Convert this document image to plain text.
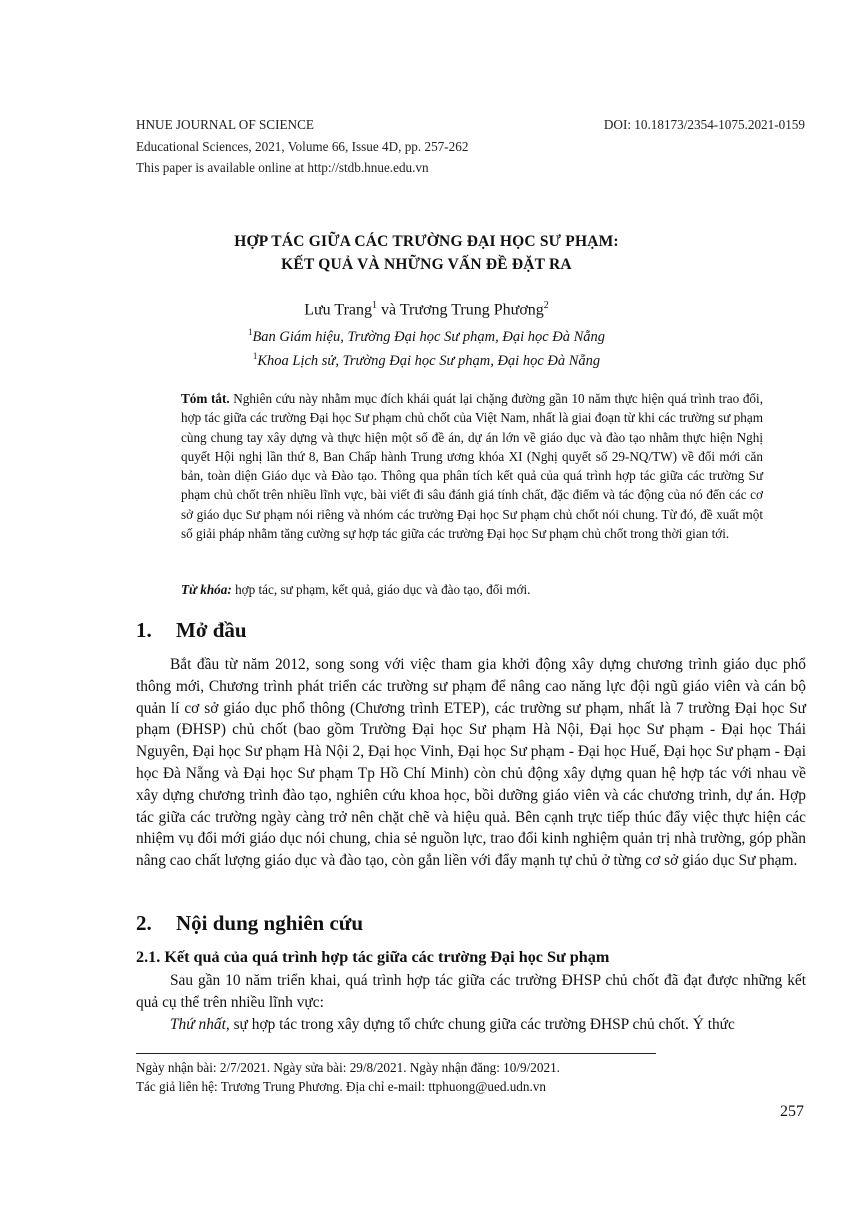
HNUE JOURNAL OF SCIENCE	DOI: 10.18173/2354-1075.2021-0159
Educational Sciences, 2021, Volume 66, Issue 4D, pp. 257-262
This paper is available online at http://stdb.hnue.edu.vn
HỢP TÁC GIỮA CÁC TRƯỜNG ĐẠI HỌC SƯ PHẠM:
KẾT QUẢ VÀ NHỮNG VẤN ĐỀ ĐẶT RA
Lưu Trang$^1$ và Trương Trung Phương$^2$
$^1$Ban Giám hiệu, Trường Đại học Sư phạm, Đại học Đà Nẵng
$^1$Khoa Lịch sử, Trường Đại học Sư phạm, Đại học Đà Nẵng
Tóm tắt. Nghiên cứu này nhằm mục đích khái quát lại chặng đường gần 10 năm thực hiện quá trình trao đổi, hợp tác giữa các trường Đại học Sư phạm chủ chốt của Việt Nam, nhất là giai đoạn từ khi các trường sư phạm cùng chung tay xây dựng và thực hiện một số đề án, dự án lớn về giáo dục và đào tạo nhằm thực hiện Nghị quyết Hội nghị lần thứ 8, Ban Chấp hành Trung ương khóa XI (Nghị quyết số 29-NQ/TW) về đổi mới căn bản, toàn diện Giáo dục và Đào tạo. Thông qua phân tích kết quả của quá trình hợp tác giữa các trường Sư phạm chủ chốt trên nhiều lĩnh vực, bài viết đi sâu đánh giá tính chất, đặc điểm và tác động của nó đến các cơ sở giáo dục Sư phạm nói riêng và nhóm các trường Đại học Sư phạm chủ chốt nói chung. Từ đó, đề xuất một số giải pháp nhằm tăng cường sự hợp tác giữa các trường Đại học Sư phạm chủ chốt trong thời gian tới.
Từ khóa: hợp tác, sư phạm, kết quả, giáo dục và đào tạo, đổi mới.
1. Mở đầu
Bắt đầu từ năm 2012, song song với việc tham gia khởi động xây dựng chương trình giáo dục phổ thông mới, Chương trình phát triển các trường sư phạm để nâng cao năng lực đội ngũ giáo viên và cán bộ quản lí cơ sở giáo dục phổ thông (Chương trình ETEP), các trường sư phạm, nhất là 7 trường Đại học Sư phạm (ĐHSP) chủ chốt (bao gồm Trường Đại học Sư phạm Hà Nội, Đại học Sư phạm - Đại học Thái Nguyên, Đại học Sư phạm Hà Nội 2, Đại học Vinh, Đại học Sư phạm - Đại học Huế, Đại học Sư phạm - Đại học Đà Nẵng và Đại học Sư phạm Tp Hồ Chí Minh) còn chủ động xây dựng quan hệ hợp tác với nhau về xây dựng chương trình đào tạo, nghiên cứu khoa học, bồi dưỡng giáo viên và các chương trình, dự án. Hợp tác giữa các trường ngày càng trở nên chặt chẽ và hiệu quả. Bên cạnh trực tiếp thúc đẩy việc thực hiện các nhiệm vụ đổi mới giáo dục nói chung, chia sẻ nguồn lực, trao đổi kinh nghiệm quản trị nhà trường, góp phần nâng cao chất lượng giáo dục và đào tạo, còn gắn liền với đẩy mạnh tự chủ ở từng cơ sở giáo dục Sư phạm.
2. Nội dung nghiên cứu
2.1. Kết quả của quá trình hợp tác giữa các trường Đại học Sư phạm
Sau gần 10 năm triển khai, quá trình hợp tác giữa các trường ĐHSP chủ chốt đã đạt được những kết quả cụ thể trên nhiều lĩnh vực:
Thứ nhất, sự hợp tác trong xây dựng tổ chức chung giữa các trường ĐHSP chủ chốt. Ý thức
Ngày nhận bài: 2/7/2021. Ngày sửa bài: 29/8/2021. Ngày nhận đăng: 10/9/2021.
Tác giả liên hệ: Trương Trung Phương. Địa chỉ e-mail: ttphuong@ued.udn.vn
257
